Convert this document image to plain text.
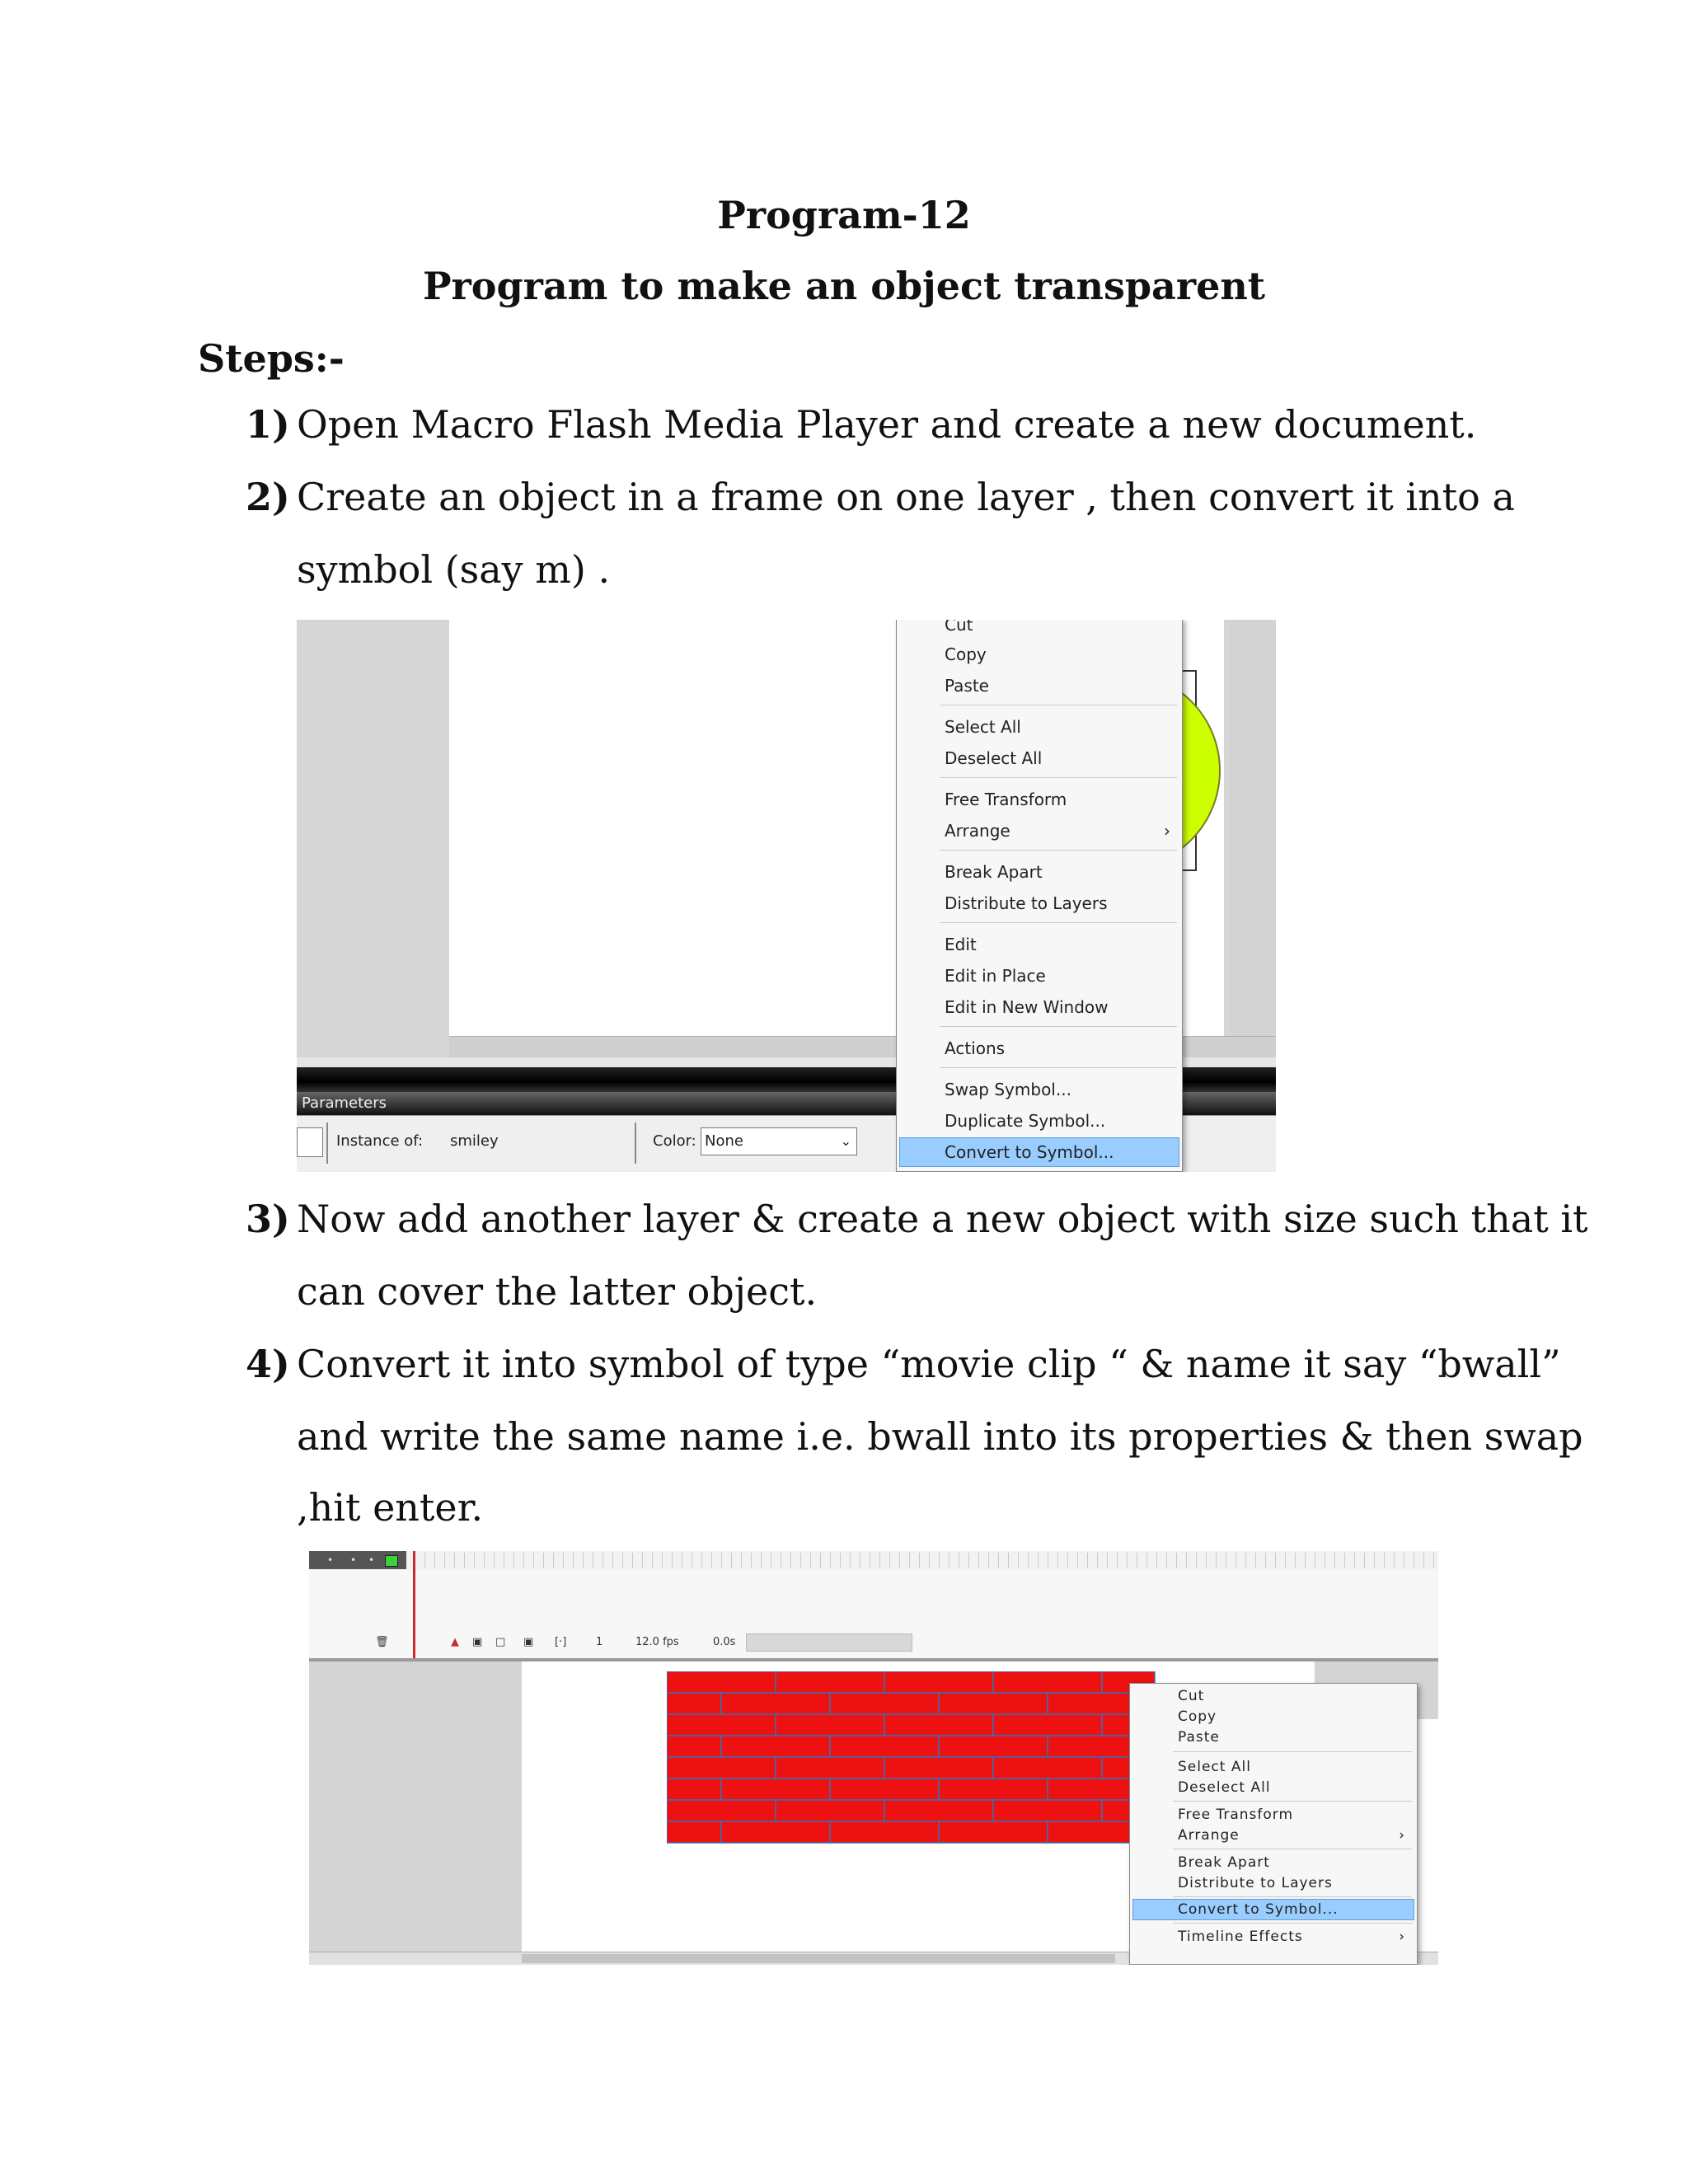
Program-12
Program to make an object transparent
Steps:-
1) Open Macro Flash Media Player and create a new document.
2) Create an object in a frame on one layer , then convert it into a
symbol (say m) .
Parameters
Instance of: smiley	Color: None	⌄
Cut
Copy
Paste
Select All
Deselect All
Free Transform
Arrange	›
Break Apart
Distribute to Layers
Edit
Edit in Place
Edit in New Window
Actions
Swap Symbol...
Duplicate Symbol...
Convert to Symbol...
3) Now add another layer & create a new object with size such that it
can cover the latter object.
4) Convert it into symbol of type “movie clip “ & name it say “bwall”
and write the same name i.e. bwall into its properties & then swap
,hit enter.
• • •
🗑	▲ ▣ □ ▣ [·]	1	12.0 fps	0.0s
Cut
Copy
Paste
Select All
Deselect All
Free Transform
Arrange	›
Break Apart
Distribute to Layers
Convert to Symbol...
Timeline Effects	›
